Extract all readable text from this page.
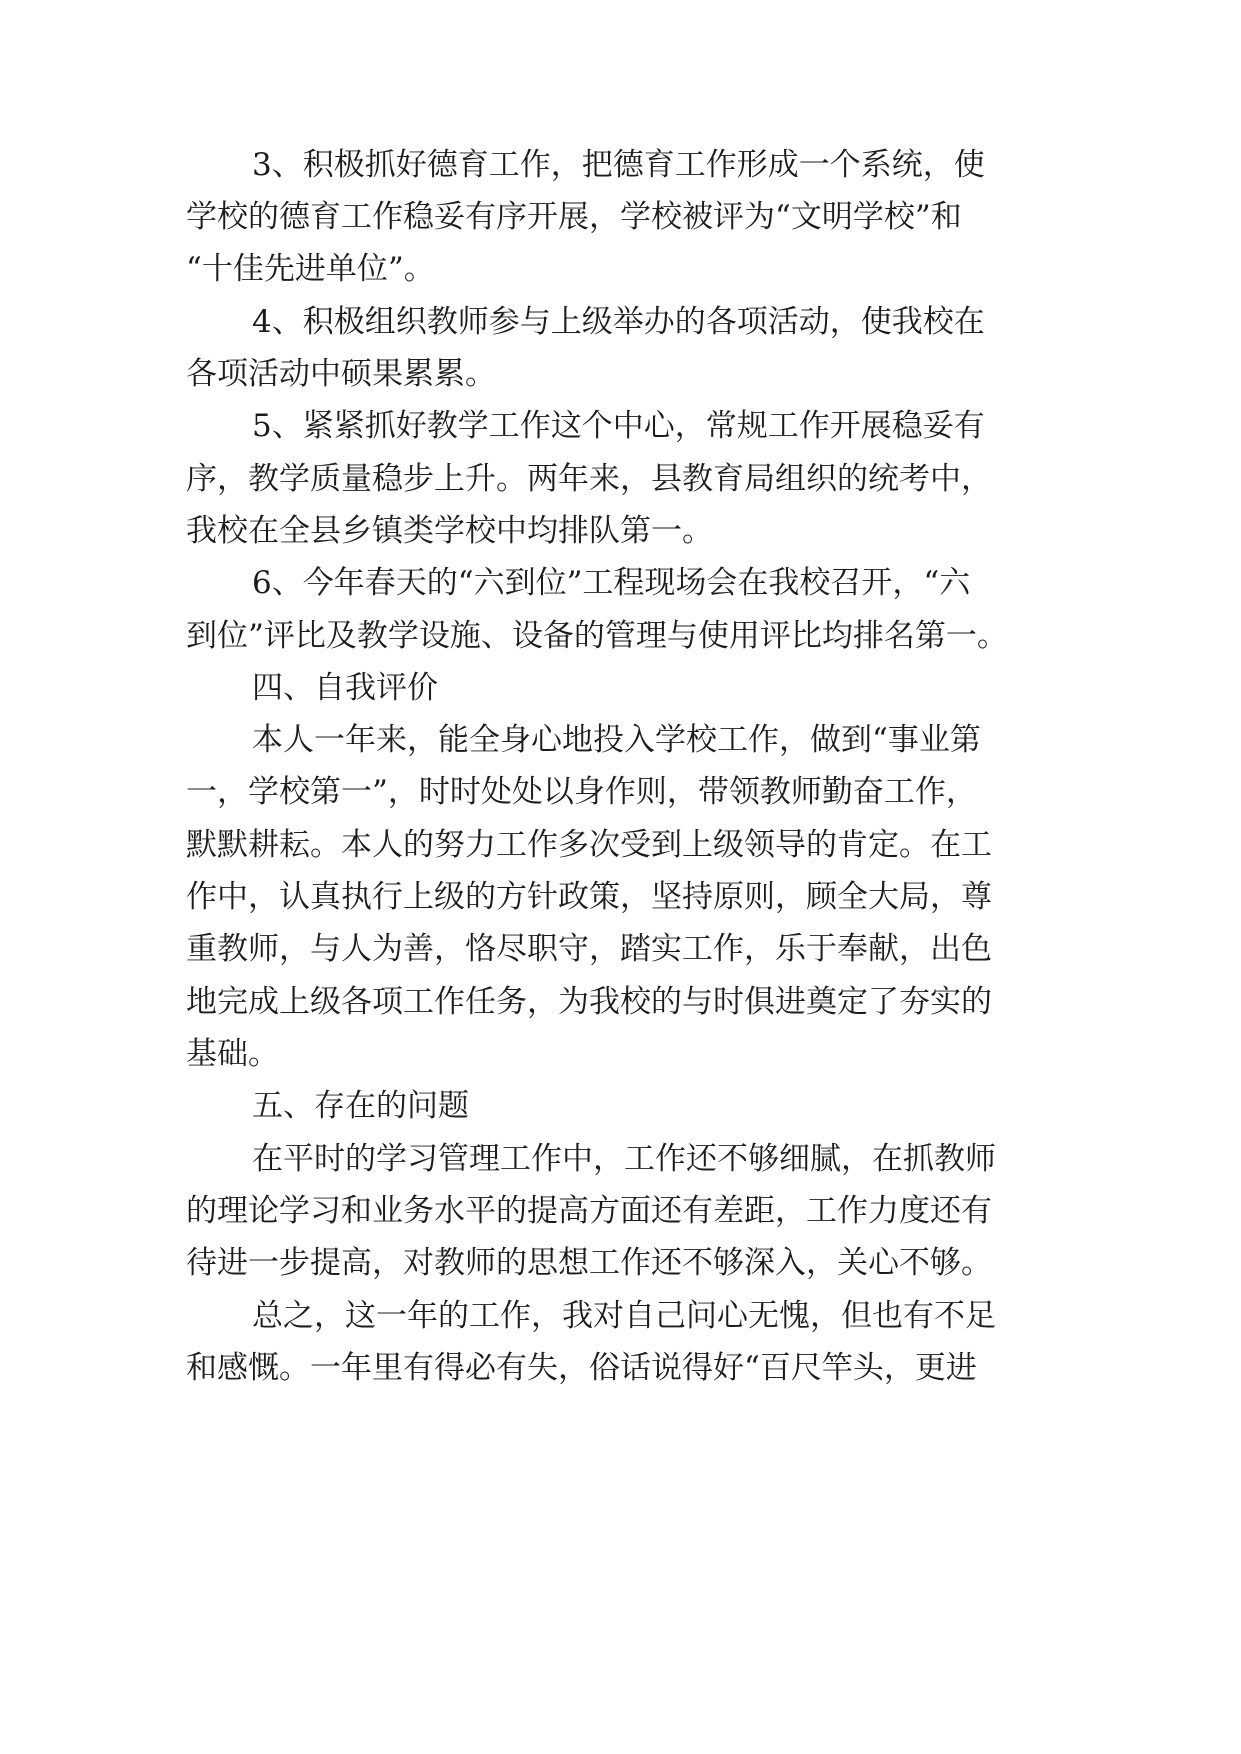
3、积极抓好德育工作，把德育工作形成一个系统，使
学校的德育工作稳妥有序开展，学校被评为“文明学校”和
“十佳先进单位”。
4、积极组织教师参与上级举办的各项活动，使我校在
各项活动中硕果累累。
5、紧紧抓好教学工作这个中心，常规工作开展稳妥有
序，教学质量稳步上升。两年来，县教育局组织的统考中，
我校在全县乡镇类学校中均排队第一。
6、今年春天的“六到位”工程现场会在我校召开，“六
到位”评比及教学设施、设备的管理与使用评比均排名第一。
四、自我评价
本人一年来，能全身心地投入学校工作，做到“事业第
一，学校第一”，时时处处以身作则，带领教师勤奋工作，
默默耕耘。本人的努力工作多次受到上级领导的肯定。在工
作中，认真执行上级的方针政策，坚持原则，顾全大局，尊
重教师，与人为善，恪尽职守，踏实工作，乐于奉献，出色
地完成上级各项工作任务，为我校的与时俱进奠定了夯实的
基础。
五、存在的问题
在平时的学习管理工作中，工作还不够细腻，在抓教师
的理论学习和业务水平的提高方面还有差距，工作力度还有
待进一步提高，对教师的思想工作还不够深入，关心不够。
总之，这一年的工作，我对自己问心无愧，但也有不足
和感慨。一年里有得必有失，俗话说得好“百尺竿头，更进
